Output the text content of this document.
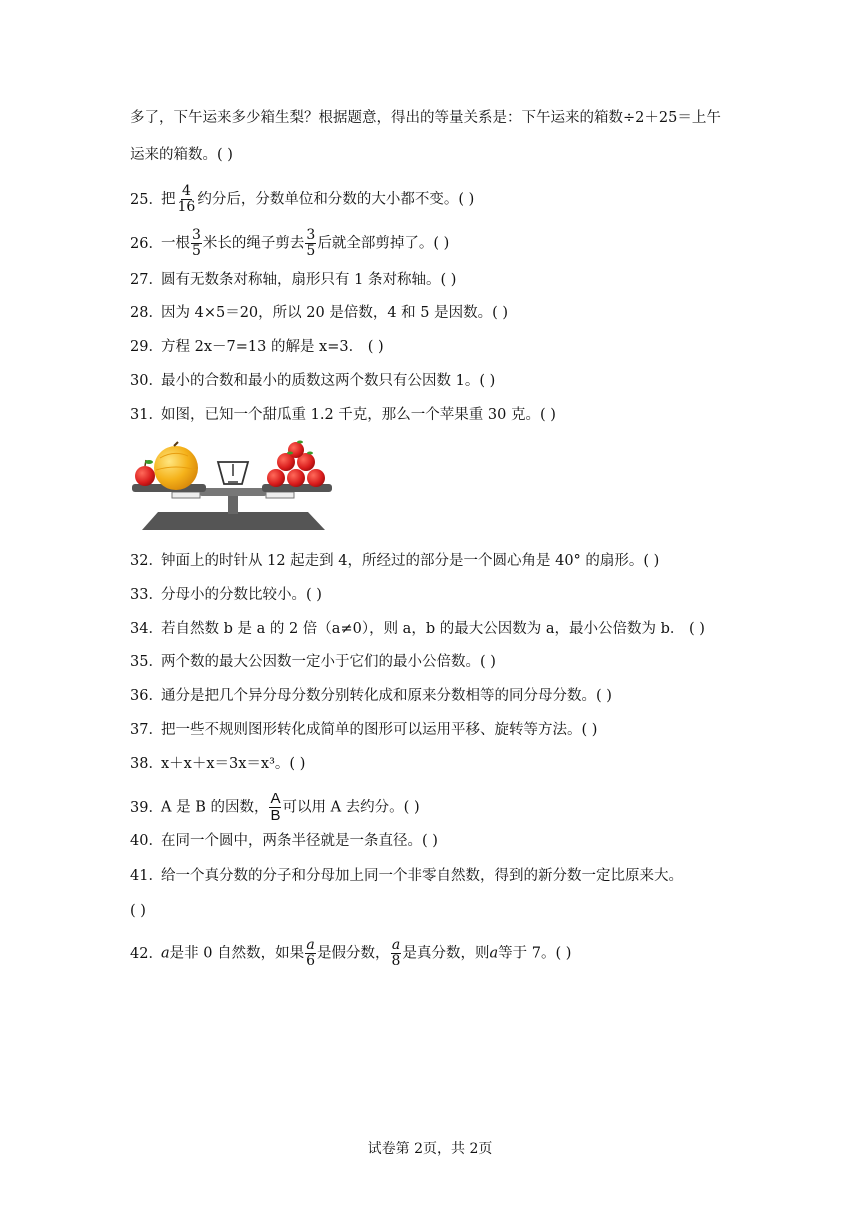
多了，下午运来多少箱生梨？根据题意，得出的等量关系是：下午运来的箱数÷2＋25＝上午
运来的箱数。( )
25．把 $\frac{4}{16}$ 约分后，分数单位和分数的大小都不变。( )
26．一根 $\frac{3}{5}$ 米长的绳子剪去 $\frac{3}{5}$ 后就全部剪掉了。( )
27．圆有无数条对称轴，扇形只有 1 条对称轴。( )
28．因为 4×5＝20，所以 20 是倍数，4 和 5 是因数。( )
29．方程 2x－7=13 的解是 x=3． ( )
30．最小的合数和最小的质数这两个数只有公因数 1。( )
31．如图，已知一个甜瓜重 1.2 千克，那么一个苹果重 30 克。( )
32．钟面上的时针从 12 起走到 4，所经过的部分是一个圆心角是 40° 的扇形。( )
33．分母小的分数比较小。( )
34．若自然数 b 是 a 的 2 倍（a≠0），则 a，b 的最大公因数为 a，最小公倍数为 b． ( )
35．两个数的最大公因数一定小于它们的最小公倍数。( )
36．通分是把几个异分母分数分别转化成和原来分数相等的同分母分数。( )
37．把一些不规则图形转化成简单的图形可以运用平移、旋转等方法。( )
38．x＋x＋x＝3x＝x³。( )
39．A 是 B 的因数， $\frac{A}{B}$ 可以用 A 去约分。( )
40．在同一个圆中，两条半径就是一条直径。( )
41．给一个真分数的分子和分母加上同一个非零自然数，得到的新分数一定比原来大。
( )
42．a是非 0 自然数，如果 $\frac{a}{6}$ 是假分数， $\frac{a}{8}$ 是真分数，则a等于 7。( )
试卷第 2页，共 2页
